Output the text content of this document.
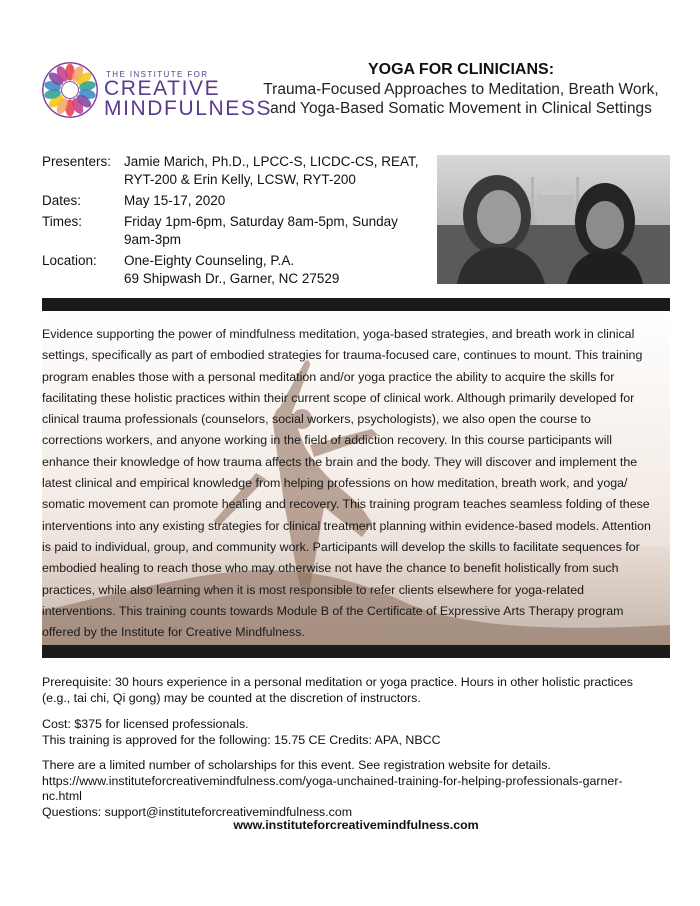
THE INSTITUTE FOR
CREATIVE
MINDFULNESS
YOGA FOR CLINICIANS:
Trauma-Focused Approaches to Meditation, Breath Work,
and Yoga-Based Somatic Movement in Clinical Settings
Presenters: Jamie Marich, Ph.D., LPCC-S, LICDC-CS, REAT,
RYT-200 & Erin Kelly, LCSW, RYT-200
Dates:	May 15-17, 2020
Times:	Friday 1pm-6pm, Saturday 8am-5pm, Sunday
9am-3pm
Location:	One-Eighty Counseling, P.A.
69 Shipwash Dr., Garner, NC 27529
Evidence supporting the power of mindfulness meditation, yoga-based strategies, and breath work in clinical
settings, specifically as part of embodied strategies for trauma-focused care, continues to mount. This training
program enables those with a personal meditation and/or yoga practice the ability to acquire the skills for
facilitating these holistic practices within their current scope of clinical work. Although primarily developed for
clinical trauma professionals (counselors, social workers, psychologists), we also open the course to
corrections workers, and anyone working in the field of addiction recovery. In this course participants will
enhance their knowledge of how trauma affects the brain and the body. They will discover and implement the
latest clinical and empirical knowledge from helping professions on how meditation, breath work, and yoga/
somatic movement can promote healing and recovery. This training program teaches seamless folding of these
interventions into any existing strategies for clinical treatment planning within evidence-based models. Attention
is paid to individual, group, and community work. Participants will develop the skills to facilitate sequences for
embodied healing to reach those who may otherwise not have the chance to benefit holistically from such
practices, while also learning when it is most responsible to refer clients elsewhere for yoga-related
interventions. This training counts towards Module B of the Certificate of Expressive Arts Therapy program
offered by the Institute for Creative Mindfulness.
Prerequisite: 30 hours experience in a personal meditation or yoga practice. Hours in other holistic practices
(e.g., tai chi, Qi gong) may be counted at the discretion of instructors.
Cost: $375 for licensed professionals.
This training is approved for the following: 15.75 CE Credits: APA, NBCC
There are a limited number of scholarships for this event. See registration website for details.
https://www.instituteforcreativemindfulness.com/yoga-unchained-training-for-helping-professionals-garner-
nc.html
Questions: support@instituteforcreativemindfulness.com
www.instituteforcreativemindfulness.com
